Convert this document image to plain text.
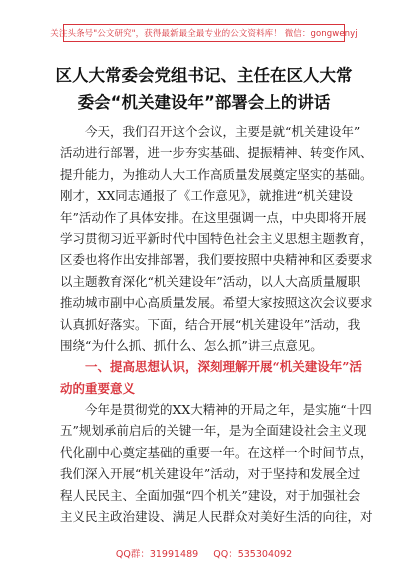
关注头条号"公文研究"，获得最新最全最专业的公文资料库！ 微信：gongwenyj
区人大常委会党组书记、主任在区人大常
委会“机关建设年”部署会上的讲话
今天，我们召开这个会议，主要是就“机关建设年”
活动进行部署，进一步夯实基础、提振精神、转变作风、
提升能力，为推动人大工作高质量发展奠定坚实的基础。
刚才，XX同志通报了《工作意见》，就推进“机关建设
年”活动作了具体安排。在这里强调一点，中央即将开展
学习贯彻习近平新时代中国特色社会主义思想主题教育，
区委也将作出安排部署，我们要按照中央精神和区委要求
以主题教育深化“机关建设年”活动，以人大高质量履职
推动城市副中心高质量发展。希望大家按照这次会议要求
认真抓好落实。下面，结合开展“机关建设年”活动，我
围绕“为什么抓、抓什么、怎么抓”讲三点意见。
一、提高思想认识，深刻理解开展“机关建设年”活
动的重要意义
今年是贯彻党的XX大精神的开局之年，是实施“十四
五”规划承前启后的关键一年，是为全面建设社会主义现
代化副中心奠定基础的重要一年。在这样一个时间节点，
我们深入开展“机关建设年”活动，对于坚持和发展全过
程人民民主、全面加强“四个机关”建设，对于加强社会
主义民主政治建设、满足人民群众对美好生活的向往，对
QQ群：31991489     QQ：535304092
